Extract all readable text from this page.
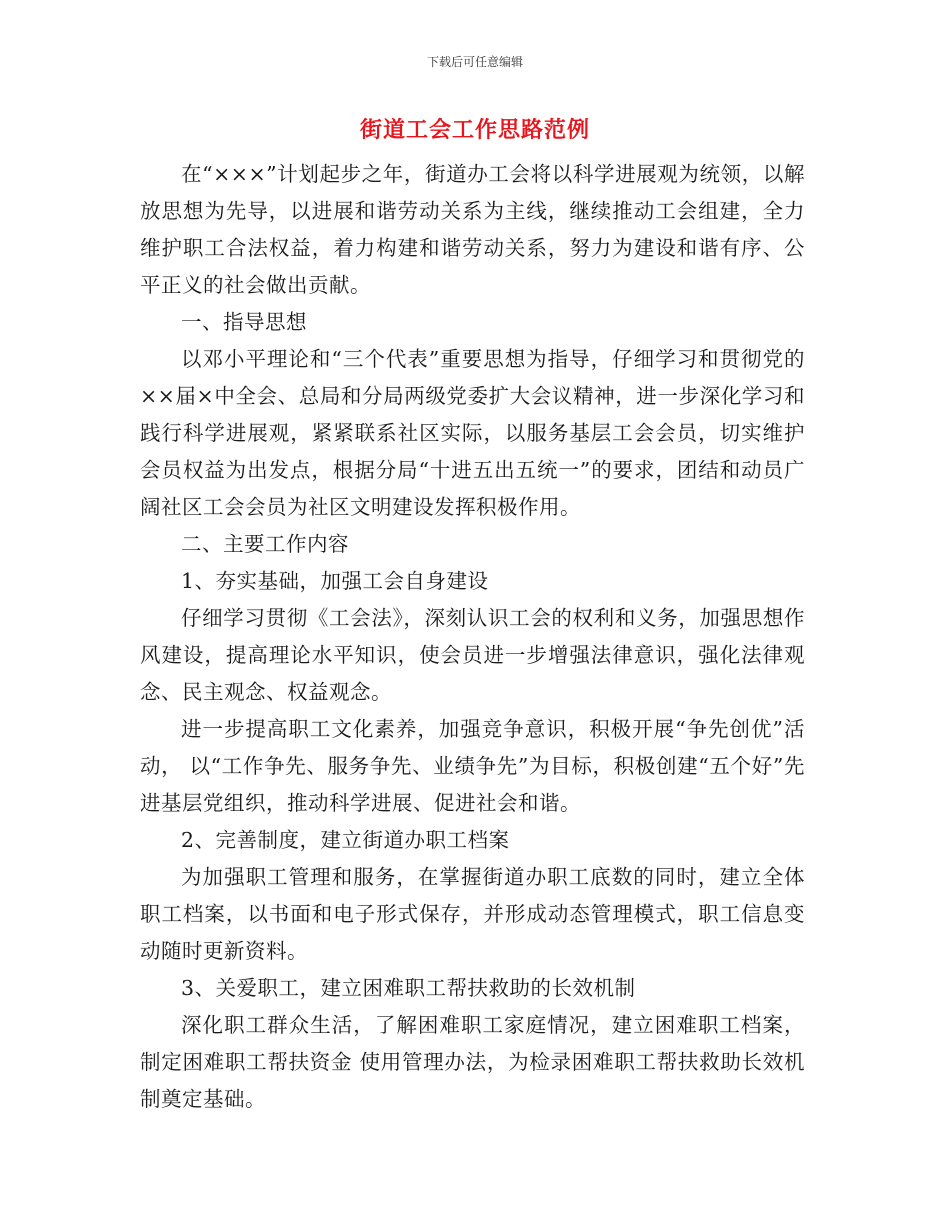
下载后可任意编辑
街道工会工作思路范例

在“×××”计划起步之年，街道办工会将以科学进展观为统领，以解放思想为先导，以进展和谐劳动关系为主线，继续推动工会组建，全力维护职工合法权益，着力构建和谐劳动关系，努力为建设和谐有序、公平正义的社会做出贡献。

一、指导思想

以邓小平理论和“三个代表”重要思想为指导，仔细学习和贯彻党的××届×中全会、总局和分局两级党委扩大会议精神，进一步深化学习和践行科学进展观，紧紧联系社区实际，以服务基层工会会员，切实维护会员权益为出发点，根据分局“十进五出五统一”的要求，团结和动员广阔社区工会会员为社区文明建设发挥积极作用。

二、主要工作内容

1、夯实基础，加强工会自身建设

仔细学习贯彻《工会法》，深刻认识工会的权利和义务，加强思想作风建设，提高理论水平知识，使会员进一步增强法律意识，强化法律观念、民主观念、权益观念。

进一步提高职工文化素养，加强竞争意识，积极开展“争先创优”活动， 以“工作争先、服务争先、业绩争先”为目标，积极创建“五个好”先进基层党组织，推动科学进展、促进社会和谐。

2、完善制度，建立街道办职工档案

为加强职工管理和服务，在掌握街道办职工底数的同时，建立全体职工档案，以书面和电子形式保存，并形成动态管理模式，职工信息变动随时更新资料。

3、关爱职工，建立困难职工帮扶救助的长效机制

深化职工群众生活，了解困难职工家庭情况，建立困难职工档案，制定困难职工帮扶资金 使用管理办法，为检录困难职工帮扶救助长效机制奠定基础。
